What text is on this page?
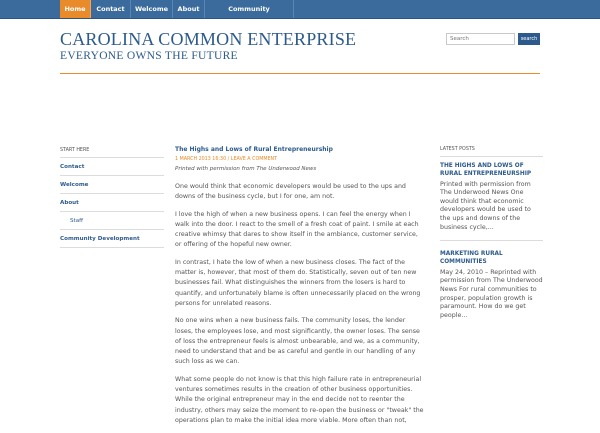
Home	Contact	Welcome	About	Community Development
CAROLINA COMMON ENTERPRISE
EVERYONE OWNS THE FUTURE
Search
search
START HERE
Contact
Welcome
About
Staff
Community Development
The Highs and Lows of Rural Entrepreneurship
1 MARCH 2013 16:30 / LEAVE A COMMENT
Printed with permission from The Underwood News

One would think that economic developers would be used to the ups and downs of the business cycle, but I for one, am not.

I love the high of when a new business opens. I can feel the energy when I walk into the door. I react to the smell of a fresh coat of paint. I smile at each creative whimsy that dares to show itself in the ambiance, customer service, or offering of the hopeful new owner.

In contrast, I hate the low of when a new business closes. The fact of the matter is, however, that most of them do. Statistically, seven out of ten new businesses fail. What distinguishes the winners from the losers is hard to quantify, and unfortunately blame is often unnecessarily placed on the wrong persons for unrelated reasons.

No one wins when a new business fails. The community loses, the lender loses, the employees lose, and most significantly, the owner loses. The sense of loss the entrepreneur feels is almost unbearable, and we, as a community, need to understand that and be as careful and gentle in our handling of any such loss as we can.

What some people do not know is that this high failure rate in entrepreneurial ventures sometimes results in the creation of other business opportunities. While the original entrepreneur may in the end decide not to reenter the industry, others may seize the moment to re-open the business or "tweak" the operations plan to make the initial idea more viable. More often than not,

LATEST POSTS
THE HIGHS AND LOWS OF RURAL ENTREPRENEURSHIP
Printed with permission from The Underwood News One would think that economic developers would be used to the ups and downs of the business cycle,...
MARKETING RURAL COMMUNITIES
May 24, 2010 – Reprinted with permission from The Underwood News For rural communities to prosper, population growth is paramount. How do we get people...
